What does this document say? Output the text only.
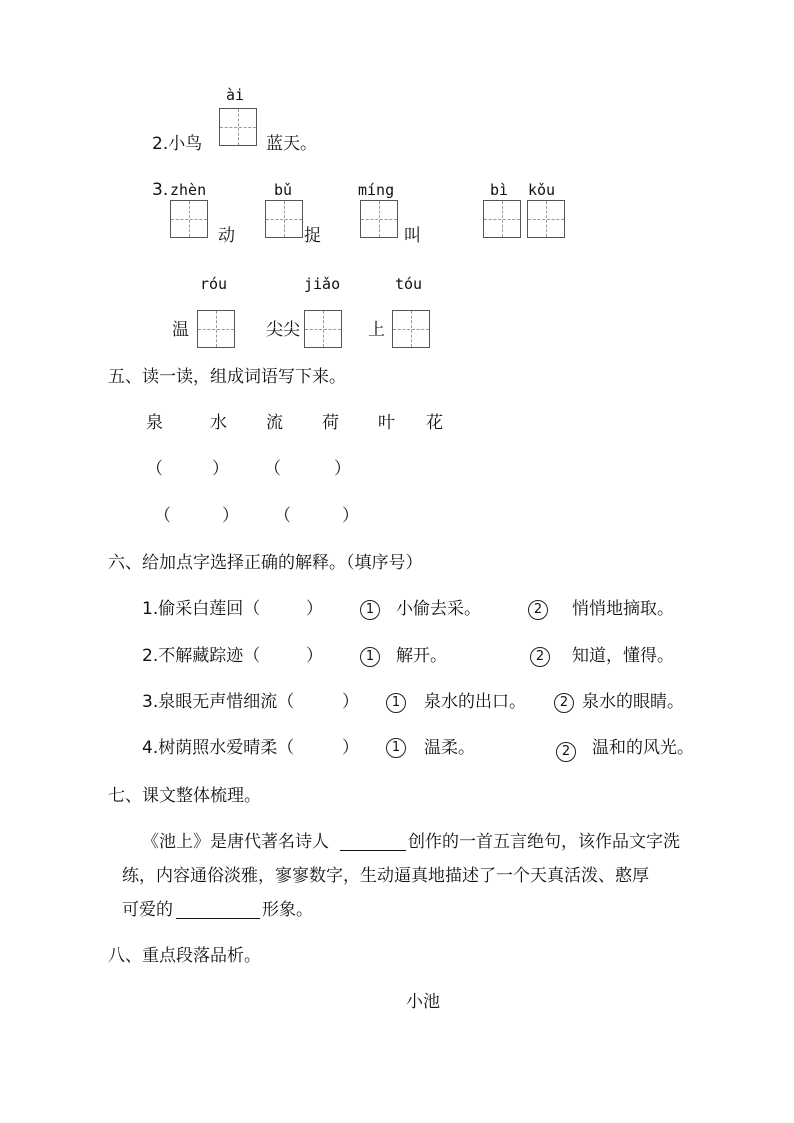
ài
2.小鸟	蓝天。
3. zhèn	bǔ	míng	bì kǒu
动	捉	叫
róu	jiǎo	tóu
温	尖尖	上
五、读一读，组成词语写下来。
泉	水 流 荷 叶 花
（	） （	）
（	） （	）
六、给加点字选择正确的解释。（填序号）
1.偷采白莲回（	）	1	小偷去采。	2	悄悄地摘取。
2.不解藏踪迹（	）	1	解开。	2	知道，懂得。
3.泉眼无声惜细流（	）	1	泉水的出口。	2 泉水的眼睛。
4.树荫照水爱晴柔（	）	1	温柔。	2	温和的风光。
七、课文整体梳理。
《池上》是唐代著名诗人	创作的一首五言绝句，该作品文字洗
练，内容通俗淡雅，寥寥数字，生动逼真地描述了一个天真活泼、憨厚
可爱的	形象。
八、重点段落品析。
小池
